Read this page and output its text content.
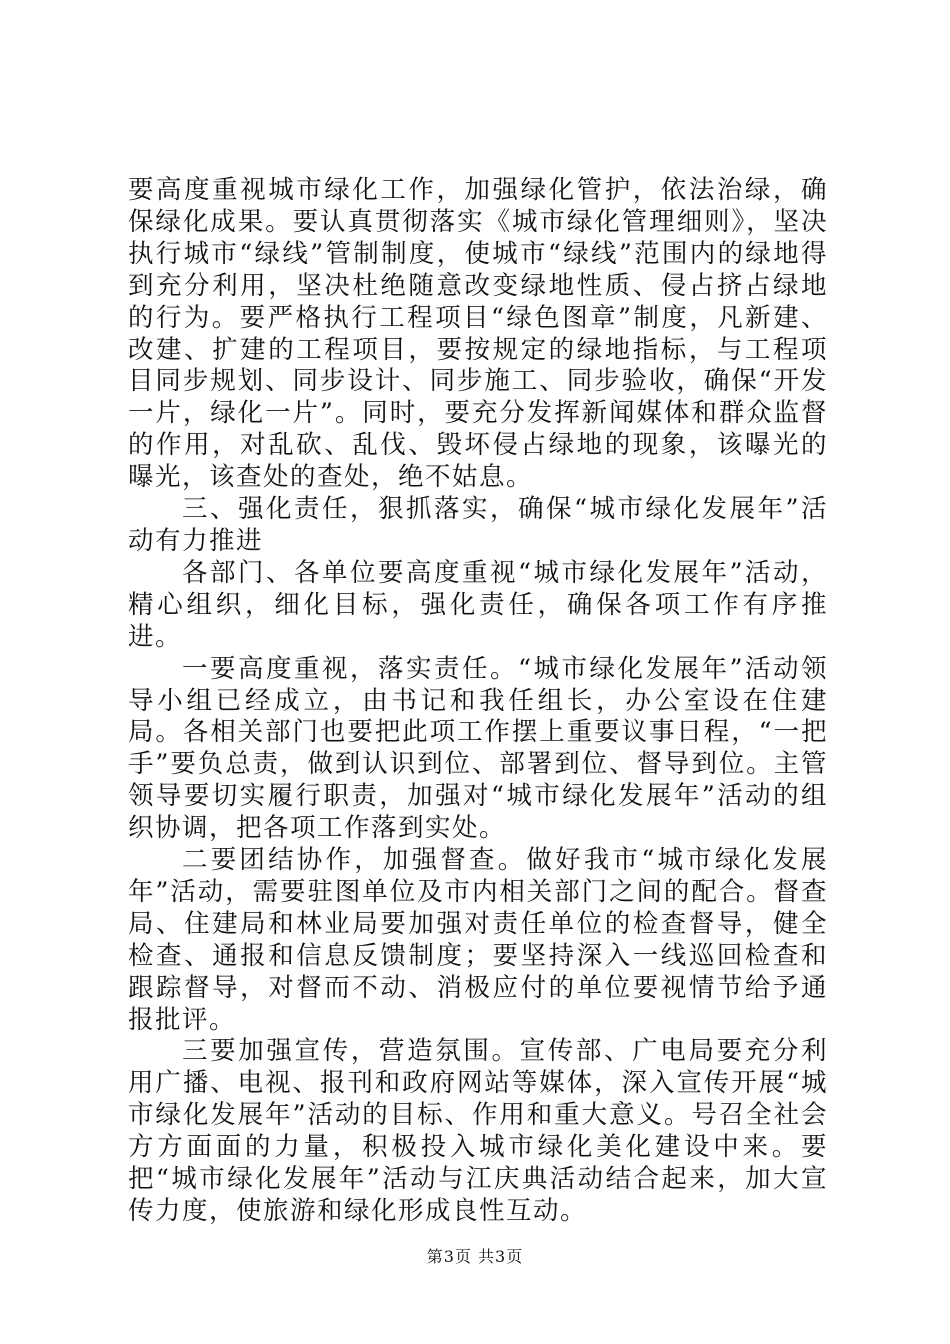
要高度重视城市绿化工作，加强绿化管护，依法治绿，确保绿化成果。要认真贯彻落实《城市绿化管理细则》，坚决执行城市“绿线”管制制度，使城市“绿线”范围内的绿地得到充分利用，坚决杜绝随意改变绿地性质、侵占挤占绿地的行为。要严格执行工程项目“绿色图章”制度，凡新建、改建、扩建的工程项目，要按规定的绿地指标，与工程项目同步规划、同步设计、同步施工、同步验收，确保“开发一片，绿化一片”。同时，要充分发挥新闻媒体和群众监督的作用，对乱砍、乱伐、毁坏侵占绿地的现象，该曝光的曝光，该查处的查处，绝不姑息。

三、强化责任，狠抓落实，确保“城市绿化发展年”活动有力推进

各部门、各单位要高度重视“城市绿化发展年”活动，精心组织，细化目标，强化责任，确保各项工作有序推进。

一要高度重视，落实责任。“城市绿化发展年”活动领导小组已经成立，由书记和我任组长，办公室设在住建局。各相关部门也要把此项工作摆上重要议事日程，“一把手”要负总责，做到认识到位、部署到位、督导到位。主管领导要切实履行职责，加强对“城市绿化发展年”活动的组织协调，把各项工作落到实处。

二要团结协作，加强督查。做好我市“城市绿化发展年”活动，需要驻图单位及市内相关部门之间的配合。督查局、住建局和林业局要加强对责任单位的检查督导，健全检查、通报和信息反馈制度；要坚持深入一线巡回检查和跟踪督导，对督而不动、消极应付的单位要视情节给予通报批评。

三要加强宣传，营造氛围。宣传部、广电局要充分利用广播、电视、报刊和政府网站等媒体，深入宣传开展“城市绿化发展年”活动的目标、作用和重大意义。号召全社会方方面面的力量，积极投入城市绿化美化建设中来。要把“城市绿化发展年”活动与江庆典活动结合起来，加大宣传力度，使旅游和绿化形成良性互动。

第3页 共3页
